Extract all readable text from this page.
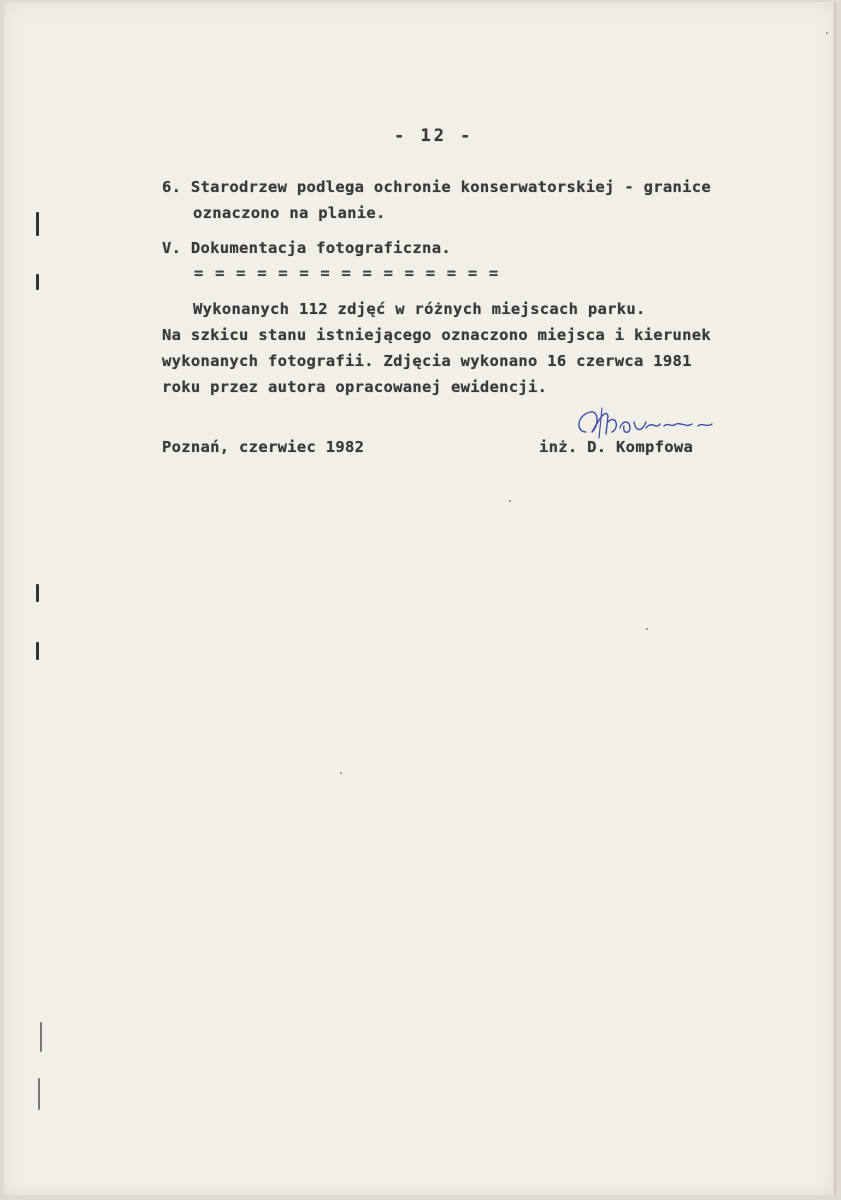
- 12 -
6. Starodrzew podlega ochronie konserwatorskiej - granice
oznaczono na planie.
V. Dokumentacja fotograficzna.
= = = = = = = = = = = = = = =
Wykonanych 112 zdjęć w różnych miejscach parku.
Na szkicu stanu istniejącego oznaczono miejsca i kierunek
wykonanych fotografii. Zdjęcia wykonano 16 czerwca 1981
roku przez autora opracowanej ewidencji.
Poznań, czerwiec 1982	inż. D. Kompfowa
